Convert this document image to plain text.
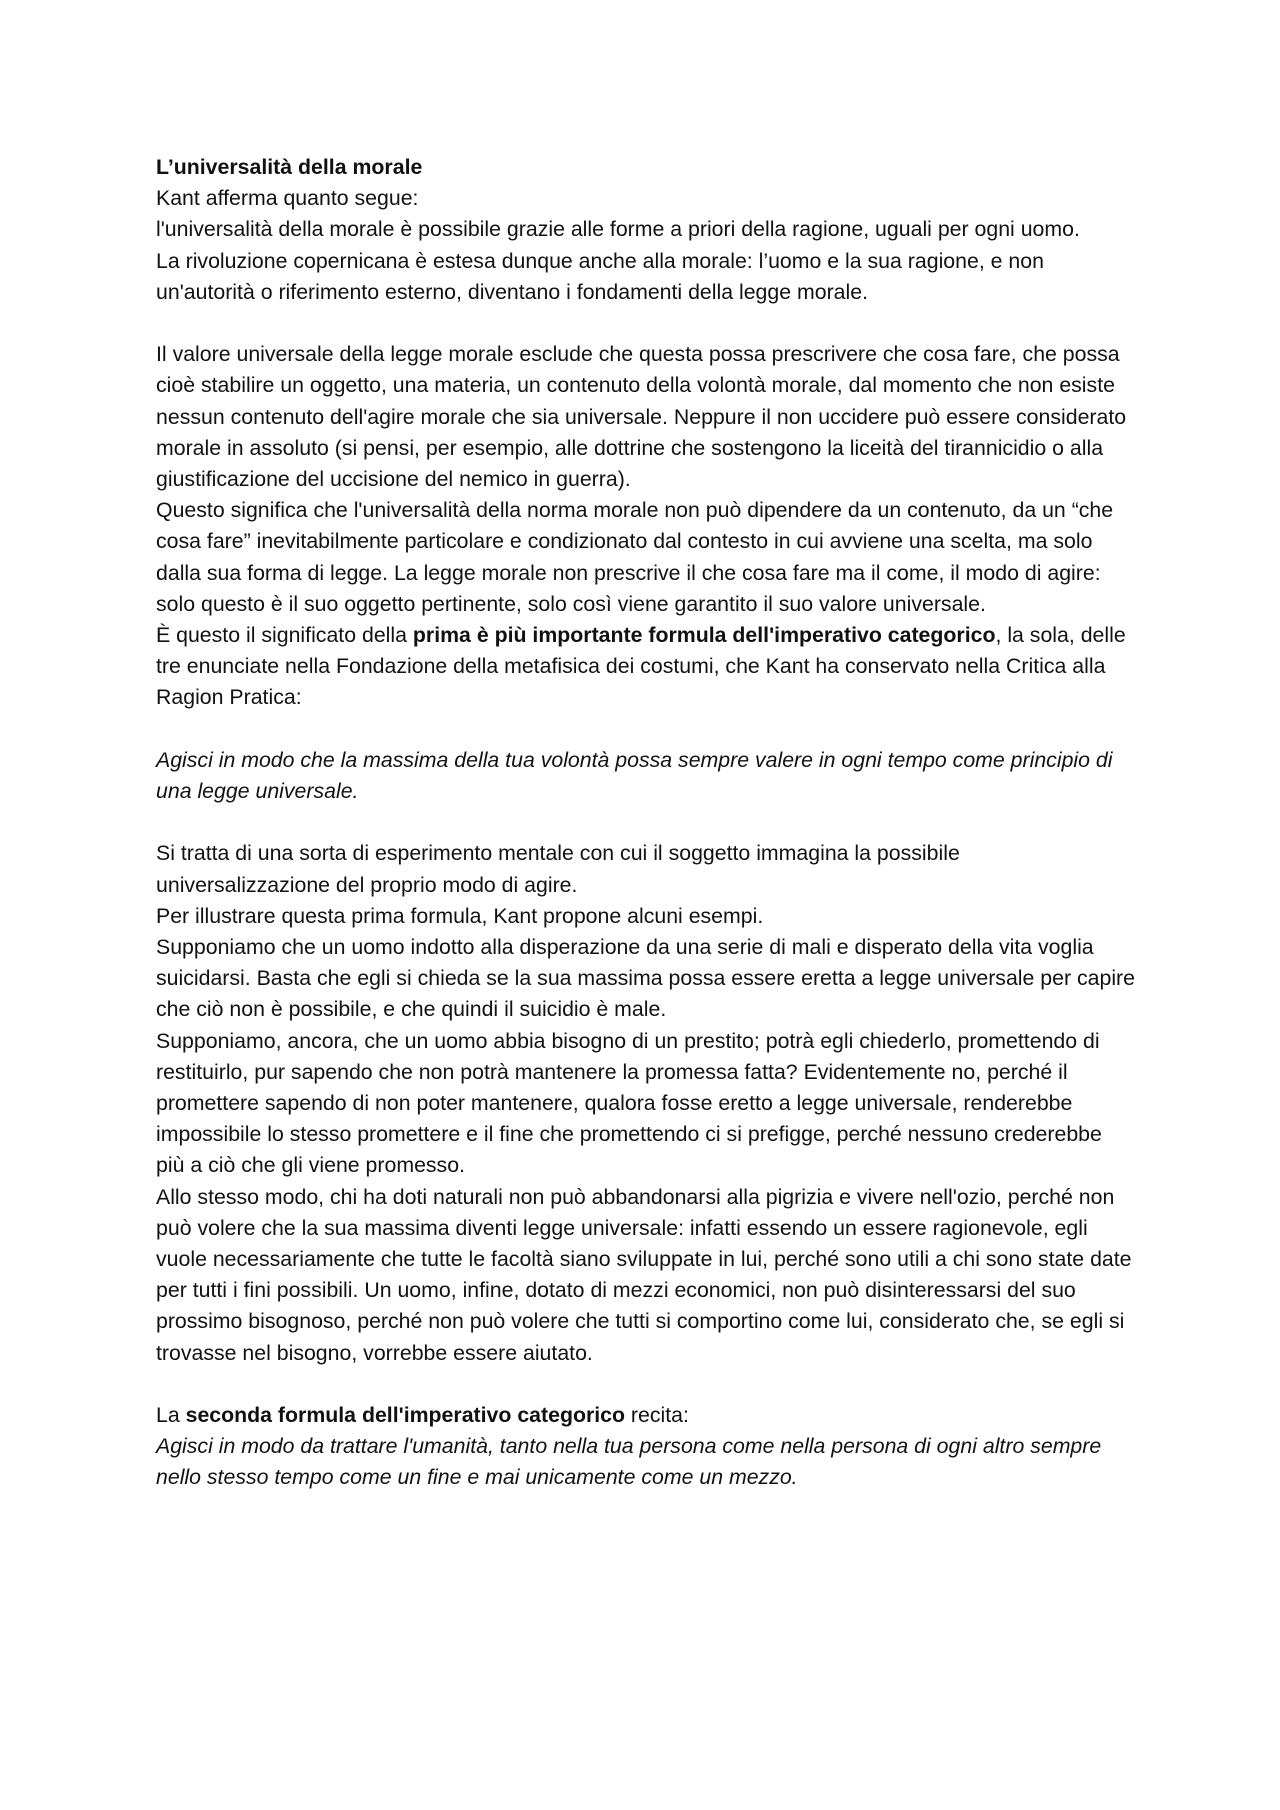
L’universalità della morale

Kant afferma quanto segue:

l'universalità della morale è possibile grazie alle forme a priori della ragione, uguali per ogni uomo.

La rivoluzione copernicana è estesa dunque anche alla morale: l’uomo e la sua ragione, e non un'autorità o riferimento esterno, diventano i fondamenti della legge morale.

Il valore universale della legge morale esclude che questa possa prescrivere che cosa fare, che possa cioè stabilire un oggetto, una materia, un contenuto della volontà morale, dal momento che non esiste nessun contenuto dell'agire morale che sia universale. Neppure il non uccidere può essere considerato morale in assoluto (si pensi, per esempio, alle dottrine che sostengono la liceità del tirannicidio o alla giustificazione del uccisione del nemico in guerra).

Questo significa che l'universalità della norma morale non può dipendere da un contenuto, da un “che cosa fare” inevitabilmente particolare e condizionato dal contesto in cui avviene una scelta, ma solo dalla sua forma di legge. La legge morale non prescrive il che cosa fare ma il come, il modo di agire: solo questo è il suo oggetto pertinente, solo così viene garantito il suo valore universale.

È questo il significato della prima è più importante formula dell'imperativo categorico, la sola, delle tre enunciate nella Fondazione della metafisica dei costumi, che Kant ha conservato nella Critica alla Ragion Pratica:

Agisci in modo che la massima della tua volontà possa sempre valere in ogni tempo come principio di una legge universale.

Si tratta di una sorta di esperimento mentale con cui il soggetto immagina la possibile universalizzazione del proprio modo di agire.

Per illustrare questa prima formula, Kant propone alcuni esempi.

Supponiamo che un uomo indotto alla disperazione da una serie di mali e disperato della vita voglia suicidarsi. Basta che egli si chieda se la sua massima possa essere eretta a legge universale per capire che ciò non è possibile, e che quindi il suicidio è male.

Supponiamo, ancora, che un uomo abbia bisogno di un prestito; potrà egli chiederlo, promettendo di restituirlo, pur sapendo che non potrà mantenere la promessa fatta? Evidentemente no, perché il promettere sapendo di non poter mantenere, qualora fosse eretto a legge universale, renderebbe impossibile lo stesso promettere e il fine che promettendo ci si prefigge, perché nessuno crederebbe più a ciò che gli viene promesso.

Allo stesso modo, chi ha doti naturali non può abbandonarsi alla pigrizia e vivere nell'ozio, perché non può volere che la sua massima diventi legge universale: infatti essendo un essere ragionevole, egli vuole necessariamente che tutte le facoltà siano sviluppate in lui, perché sono utili a chi sono state date per tutti i fini possibili. Un uomo, infine, dotato di mezzi economici, non può disinteressarsi del suo prossimo bisognoso, perché non può volere che tutti si comportino come lui, considerato che, se egli si trovasse nel bisogno, vorrebbe essere aiutato.

La seconda formula dell'imperativo categorico recita:

Agisci in modo da trattare l'umanità, tanto nella tua persona come nella persona di ogni altro sempre nello stesso tempo come un fine e mai unicamente come un mezzo.
